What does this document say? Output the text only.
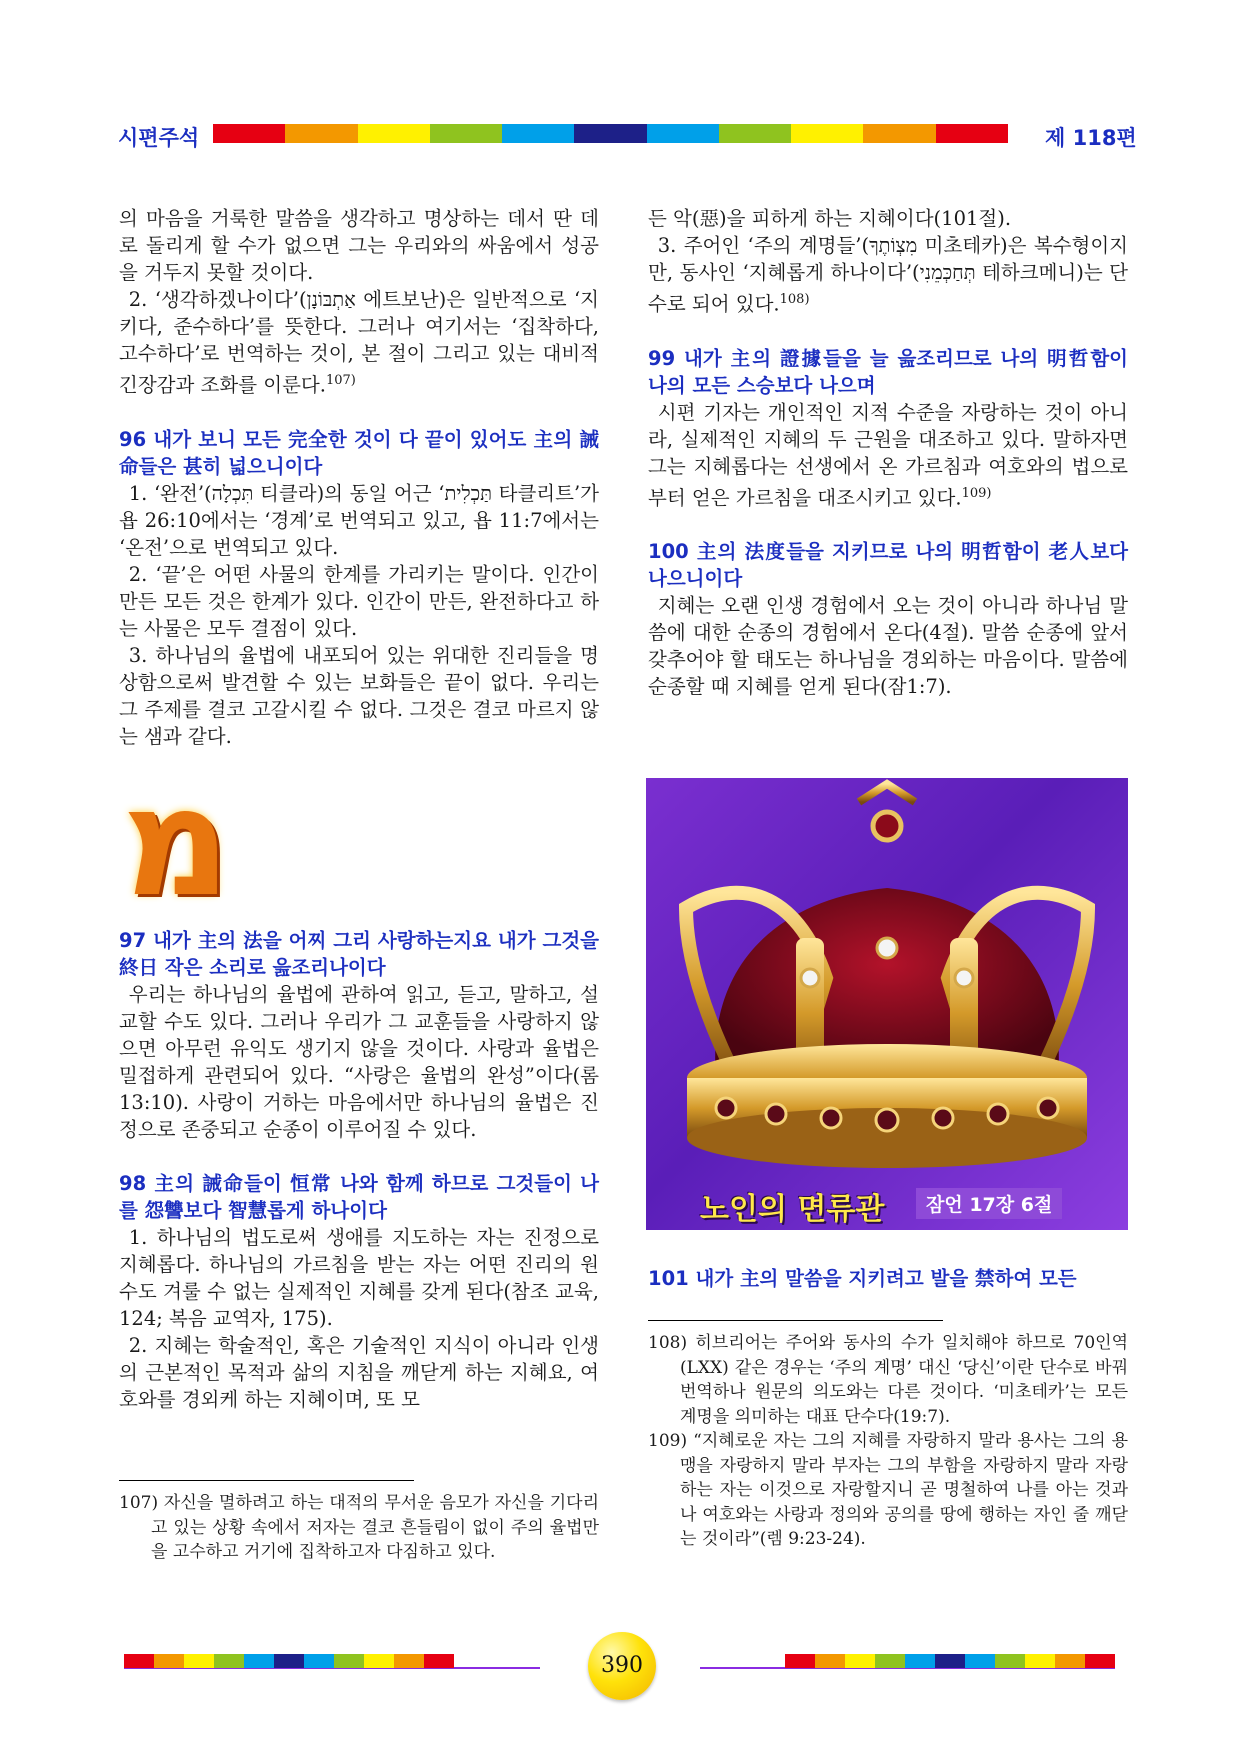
시편주석	제 118편

의 마음을 거룩한 말씀을 생각하고 명상하는 데서 딴 데로 돌리게 할 수가 없으면 그는 우리와의 싸움에서 성공을 거두지 못할 것이다.

2. ‘생각하겠나이다’(אַתְבּוֹנָן 에트보난)은 일반적으로 ‘지키다, 준수하다’를 뜻한다. 그러나 여기서는 ‘집착하다, 고수하다’로 번역하는 것이, 본 절이 그리고 있는 대비적 긴장감과 조화를 이룬다.$^{107)}$

96 내가 보니 모든 完全한 것이 다 끝이 있어도 主의 誡命들은 甚히 넓으니이다

1. ‘완전’(תִּכְלָה 티클라)의 동일 어근 ‘תַּכְלִית 타클리트’가 욥 26:10에서는 ‘경계’로 번역되고 있고, 욥 11:7에서는 ‘온전’으로 번역되고 있다.

2. ‘끝’은 어떤 사물의 한계를 가리키는 말이다. 인간이 만든 모든 것은 한계가 있다. 인간이 만든, 완전하다고 하는 사물은 모두 결점이 있다.

3. 하나님의 율법에 내포되어 있는 위대한 진리들을 명상함으로써 발견할 수 있는 보화들은 끝이 없다. 우리는 그 주제를 결코 고갈시킬 수 없다. 그것은 결코 마르지 않는 샘과 같다.

מ

97 내가 主의 法을 어찌 그리 사랑하는지요 내가 그것을 終日 작은 소리로 읊조리나이다

우리는 하나님의 율법에 관하여 읽고, 듣고, 말하고, 설교할 수도 있다. 그러나 우리가 그 교훈들을 사랑하지 않으면 아무런 유익도 생기지 않을 것이다. 사랑과 율법은 밀접하게 관련되어 있다. “사랑은 율법의 완성”이다(롬 13:10). 사랑이 거하는 마음에서만 하나님의 율법은 진정으로 존중되고 순종이 이루어질 수 있다.

98 主의 誡命들이 恒常 나와 함께 하므로 그것들이 나를 怨讐보다 智慧롭게 하나이다

1. 하나님의 법도로써 생애를 지도하는 자는 진정으로 지혜롭다. 하나님의 가르침을 받는 자는 어떤 진리의 원수도 겨룰 수 없는 실제적인 지혜를 갖게 된다(참조 교육, 124; 복음 교역자, 175).

2. 지혜는 학술적인, 혹은 기술적인 지식이 아니라 인생의 근본적인 목적과 삶의 지침을 깨닫게 하는 지혜요, 여호와를 경외케 하는 지혜이며, 또 모

107) 자신을 멸하려고 하는 대적의 무서운 음모가 자신을 기다리고 있는 상황 속에서 저자는 결코 흔들림이 없이 주의 율법만을 고수하고 거기에 집착하고자 다짐하고 있다.

든 악(惡)을 피하게 하는 지혜이다(101절).

3. 주어인 ‘주의 계명들’(מִצְוֹתֶךָ 미초테카)은 복수형이지만, 동사인 ‘지혜롭게 하나이다’(תְּחַכְּמֵנִי 테하크메니)는 단수로 되어 있다.$^{108)}$

99 내가 主의 證據들을 늘 읊조리므로 나의 明哲함이 나의 모든 스승보다 나으며

시편 기자는 개인적인 지적 수준을 자랑하는 것이 아니라, 실제적인 지혜의 두 근원을 대조하고 있다. 말하자면 그는 지혜롭다는 선생에서 온 가르침과 여호와의 법으로부터 얻은 가르침을 대조시키고 있다.$^{109)}$

100 主의 法度들을 지키므로 나의 明哲함이 老人보다 나으니이다

지혜는 오랜 인생 경험에서 오는 것이 아니라 하나님 말씀에 대한 순종의 경험에서 온다(4절). 말씀 순종에 앞서 갖추어야 할 태도는 하나님을 경외하는 마음이다. 말씀에 순종할 때 지혜를 얻게 된다(잠1:7).

노인의 면류관	잠언 17장 6절

101 내가 主의 말씀을 지키려고 발을 禁하여 모든

108) 히브리어는 주어와 동사의 수가 일치해야 하므로 70인역(LXX) 같은 경우는 ‘주의 계명’ 대신 ‘당신’이란 단수로 바꿔 번역하나 원문의 의도와는 다른 것이다. ‘미초테카’는 모든 계명을 의미하는 대표 단수다(19:7).

109) “지혜로운 자는 그의 지혜를 자랑하지 말라 용사는 그의 용맹을 자랑하지 말라 부자는 그의 부함을 자랑하지 말라 자랑하는 자는 이것으로 자랑할지니 곧 명철하여 나를 아는 것과 나 여호와는 사랑과 정의와 공의를 땅에 행하는 자인 줄 깨닫는 것이라”(렘 9:23-24).

390
